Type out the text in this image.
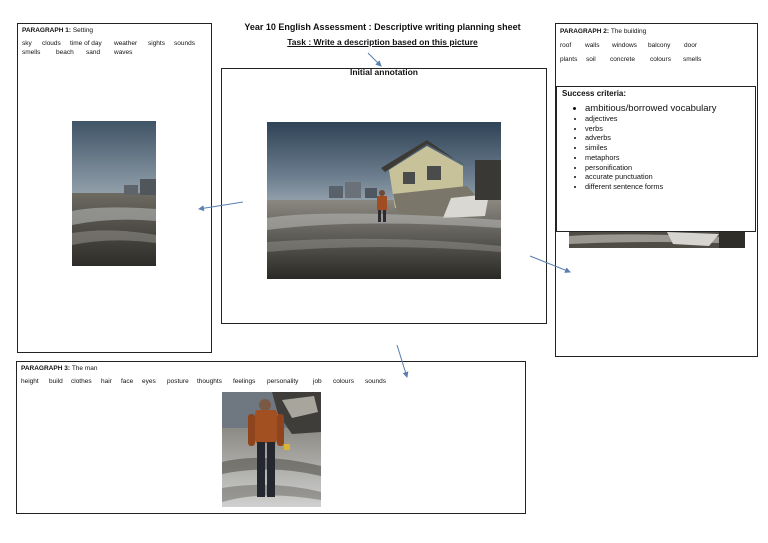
Year 10 English Assessment : Descriptive writing planning sheet
Task : Write a description based on this picture
PARAGRAPH 1: Setting
sky clouds time of day weather sights sounds
smells beach sand waves
Initial annotation
PARAGRAPH 2: The building
roof walls windows balcony door
plants soil concrete colours smells
Success criteria:
• ambitious/borrowed vocabulary
• adjectives
• verbs
• adverbs
• similes
• metaphors
• personification
• accurate punctuation
• different sentence forms
PARAGRAPH 3: The man
height build clothes hair face eyes posture thoughts feelings personality job colours sounds
